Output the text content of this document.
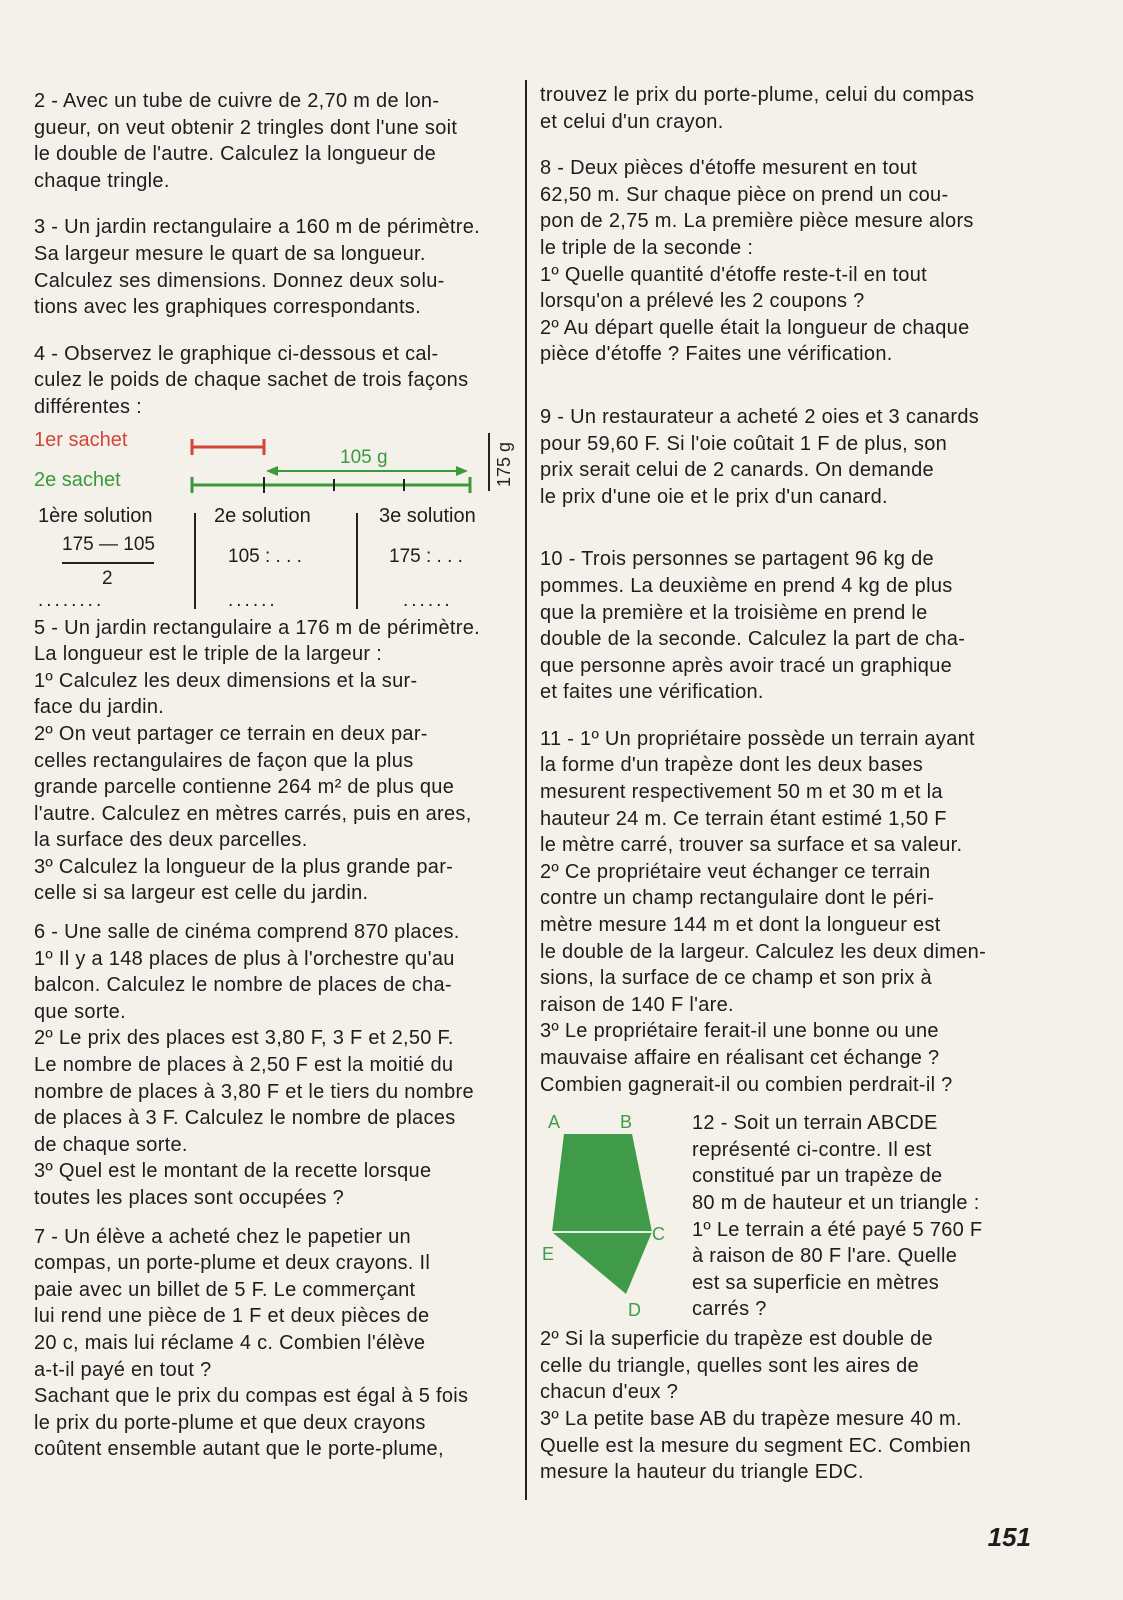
2 - Avec un tube de cuivre de 2,70 m de lon-
gueur, on veut obtenir 2 tringles dont l'une soit
le double de l'autre. Calculez la longueur de
chaque tringle.
3 - Un jardin rectangulaire a 160 m de périmètre.
Sa largeur mesure le quart de sa longueur.
Calculez ses dimensions. Donnez deux solu-
tions avec les graphiques correspondants.
4 - Observez le graphique ci-dessous et cal-
culez le poids de chaque sachet de trois façons
différentes :
1er sachet
2e sachet
105 g	175 g
1ère solution
175 — 105
2
........
2e solution
105 : . . .
......
3e solution
175 : . . .
......
5 - Un jardin rectangulaire a 176 m de périmètre.
La longueur est le triple de la largeur :
1º Calculez les deux dimensions et la sur-
face du jardin.
2º On veut partager ce terrain en deux par-
celles rectangulaires de façon que la plus
grande parcelle contienne 264 m² de plus que
l'autre. Calculez en mètres carrés, puis en ares,
la surface des deux parcelles.
3º Calculez la longueur de la plus grande par-
celle si sa largeur est celle du jardin.
6 - Une salle de cinéma comprend 870 places.
1º Il y a 148 places de plus à l'orchestre qu'au
balcon. Calculez le nombre de places de cha-
que sorte.
2º Le prix des places est 3,80 F, 3 F et 2,50 F.
Le nombre de places à 2,50 F est la moitié du
nombre de places à 3,80 F et le tiers du nombre
de places à 3 F. Calculez le nombre de places
de chaque sorte.
3º Quel est le montant de la recette lorsque
toutes les places sont occupées ?
7 - Un élève a acheté chez le papetier un
compas, un porte-plume et deux crayons. Il
paie avec un billet de 5 F. Le commerçant
lui rend une pièce de 1 F et deux pièces de
20 c, mais lui réclame 4 c. Combien l'élève
a-t-il payé en tout ?
Sachant que le prix du compas est égal à 5 fois
le prix du porte-plume et que deux crayons
coûtent ensemble autant que le porte-plume,
trouvez le prix du porte-plume, celui du compas
et celui d'un crayon.
8 - Deux pièces d'étoffe mesurent en tout
62,50 m. Sur chaque pièce on prend un cou-
pon de 2,75 m. La première pièce mesure alors
le triple de la seconde :
1º Quelle quantité d'étoffe reste-t-il en tout
lorsqu'on a prélevé les 2 coupons ?
2º Au départ quelle était la longueur de chaque
pièce d'étoffe ? Faites une vérification.
9 - Un restaurateur a acheté 2 oies et 3 canards
pour 59,60 F. Si l'oie coûtait 1 F de plus, son
prix serait celui de 2 canards. On demande
le prix d'une oie et le prix d'un canard.
10 - Trois personnes se partagent 96 kg de
pommes. La deuxième en prend 4 kg de plus
que la première et la troisième en prend le
double de la seconde. Calculez la part de cha-
que personne après avoir tracé un graphique
et faites une vérification.
11 - 1º Un propriétaire possède un terrain ayant
la forme d'un trapèze dont les deux bases
mesurent respectivement 50 m et 30 m et la
hauteur 24 m. Ce terrain étant estimé 1,50 F
le mètre carré, trouver sa surface et sa valeur.
2º Ce propriétaire veut échanger ce terrain
contre un champ rectangulaire dont le péri-
mètre mesure 144 m et dont la longueur est
le double de la largeur. Calculez les deux dimen-
sions, la surface de ce champ et son prix à
raison de 140 F l'are.
3º Le propriétaire ferait-il une bonne ou une
mauvaise affaire en réalisant cet échange ?
Combien gagnerait-il ou combien perdrait-il ?
A	B
C
D
E
12 - Soit un terrain ABCDE
représenté ci-contre. Il est
constitué par un trapèze de
80 m de hauteur et un triangle :
1º Le terrain a été payé 5 760 F
à raison de 80 F l'are. Quelle
est sa superficie en mètres
carrés ?
2º Si la superficie du trapèze est double de
celle du triangle, quelles sont les aires de
chacun d'eux ?
3º La petite base AB du trapèze mesure 40 m.
Quelle est la mesure du segment EC. Combien
mesure la hauteur du triangle EDC.
151
